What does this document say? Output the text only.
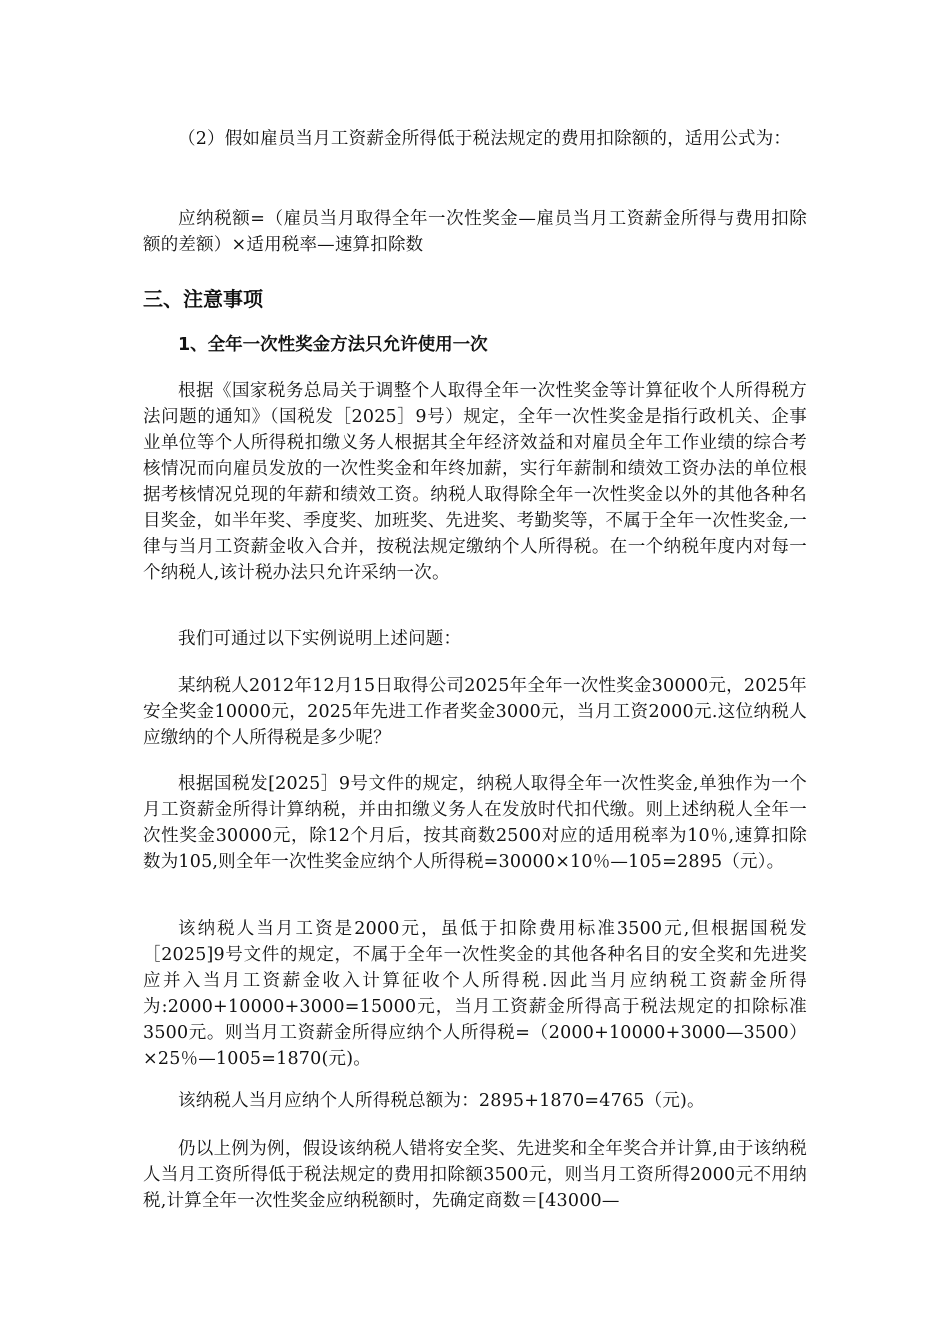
（2）假如雇员当月工资薪金所得低于税法规定的费用扣除额的，适用公式为：

应纳税额=（雇员当月取得全年一次性奖金—雇员当月工资薪金所得与费用扣除额的差额）×适用税率—速算扣除数

三、注意事项
1、全年一次性奖金方法只允许使用一次

根据《国家税务总局关于调整个人取得全年一次性奖金等计算征收个人所得税方法问题的通知》（国税发［2025］9号）规定，全年一次性奖金是指行政机关、企事业单位等个人所得税扣缴义务人根据其全年经济效益和对雇员全年工作业绩的综合考核情况而向雇员发放的一次性奖金和年终加薪，实行年薪制和绩效工资办法的单位根据考核情况兑现的年薪和绩效工资。纳税人取得除全年一次性奖金以外的其他各种名目奖金，如半年奖、季度奖、加班奖、先进奖、考勤奖等，不属于全年一次性奖金,一律与当月工资薪金收入合并，按税法规定缴纳个人所得税。在一个纳税年度内对每一个纳税人,该计税办法只允许采纳一次。

我们可通过以下实例说明上述问题：

某纳税人2012年12月15日取得公司2025年全年一次性奖金30000元，2025年安全奖金10000元，2025年先进工作者奖金3000元，当月工资2000元.这位纳税人应缴纳的个人所得税是多少呢？

根据国税发[2025］9号文件的规定，纳税人取得全年一次性奖金,单独作为一个月工资薪金所得计算纳税，并由扣缴义务人在发放时代扣代缴。则上述纳税人全年一次性奖金30000元，除12个月后，按其商数2500对应的适用税率为10％,速算扣除数为105,则全年一次性奖金应纳个人所得税=30000×10％—105=2895（元）。

该纳税人当月工资是2000元，虽低于扣除费用标准3500元,但根据国税发［2025]9号文件的规定，不属于全年一次性奖金的其他各种名目的安全奖和先进奖应并入当月工资薪金收入计算征收个人所得税.因此当月应纳税工资薪金所得为:2000+10000+3000=15000元，当月工资薪金所得高于税法规定的扣除标准3500元。则当月工资薪金所得应纳个人所得税=（2000+10000+3000—3500）×25％—1005=1870(元)。

该纳税人当月应纳个人所得税总额为：2895+1870=4765（元)。

仍以上例为例，假设该纳税人错将安全奖、先进奖和全年奖合并计算,由于该纳税人当月工资所得低于税法规定的费用扣除额3500元，则当月工资所得2000元不用纳税,计算全年一次性奖金应纳税额时，先确定商数＝[43000—
